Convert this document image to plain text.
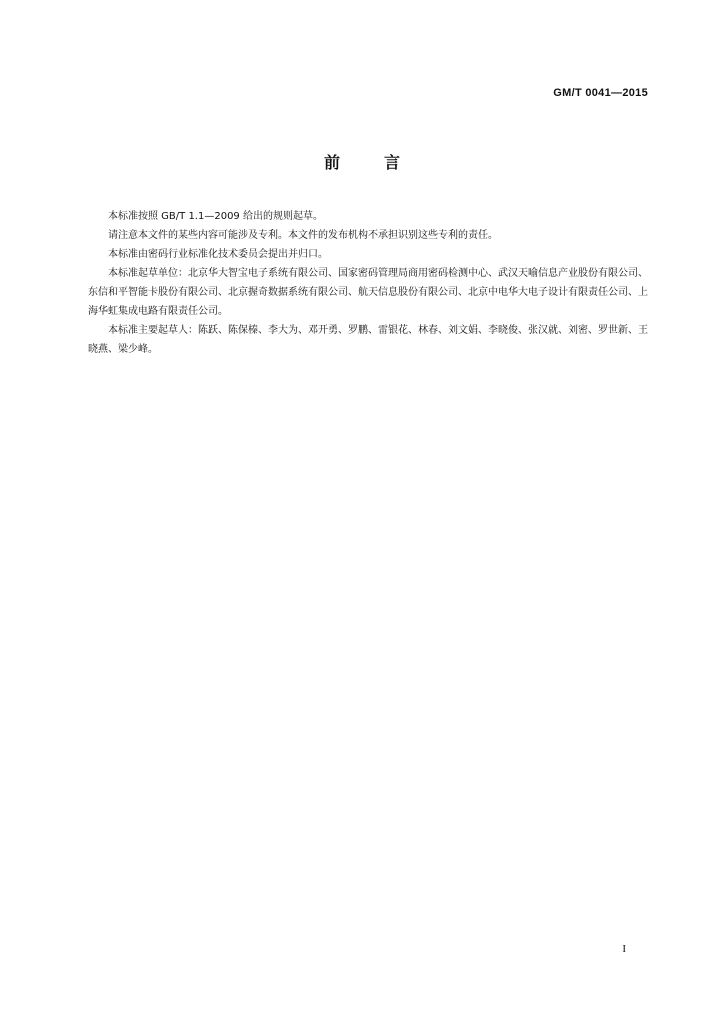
GM/T 0041—2015
前	言

本标准按照 GB/T 1.1—2009 给出的规则起草。

请注意本文件的某些内容可能涉及专利。本文件的发布机构不承担识别这些专利的责任。

本标准由密码行业标准化技术委员会提出并归口。

本标准起草单位：北京华大智宝电子系统有限公司、国家密码管理局商用密码检测中心、武汉天喻信息产业股份有限公司、东信和平智能卡股份有限公司、北京握奇数据系统有限公司、航天信息股份有限公司、北京中电华大电子设计有限责任公司、上海华虹集成电路有限责任公司。

本标准主要起草人：陈跃、陈保榛、李大为、邓开勇、罗鹏、雷银花、林春、刘文娟、李晓俊、张汉就、刘密、罗世新、王晓燕、梁少峰。

I
